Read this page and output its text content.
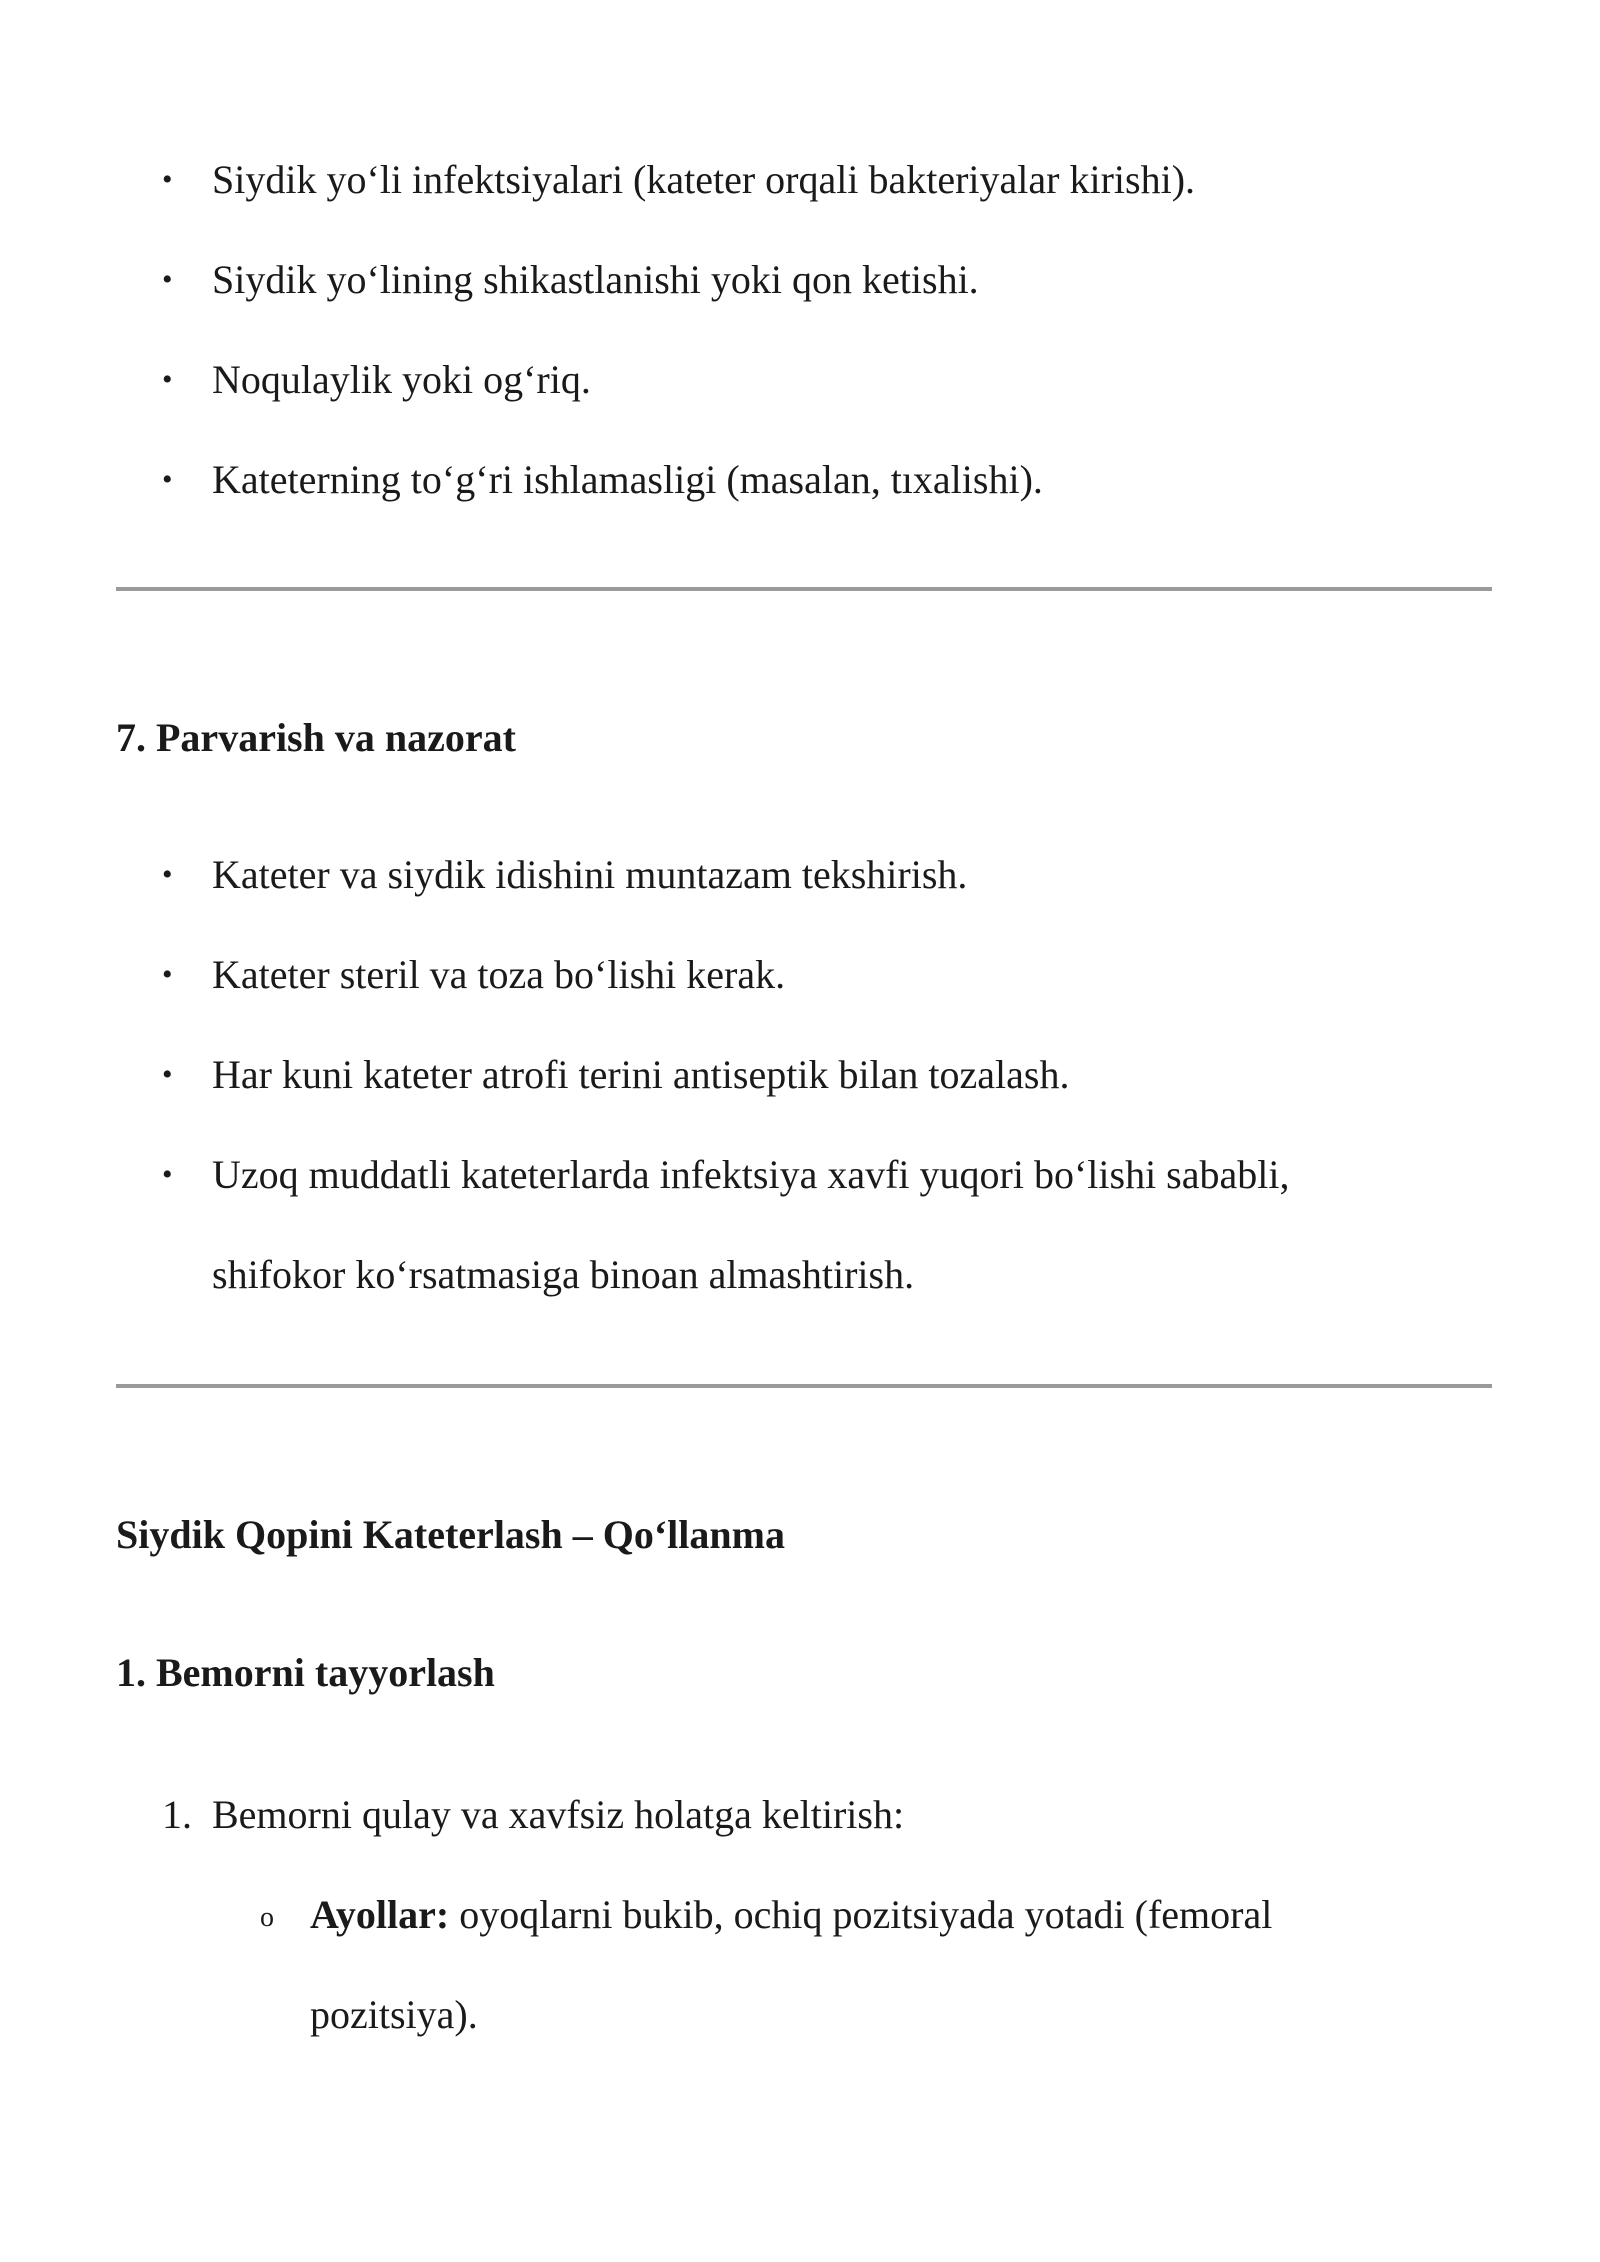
• Siydik yo‘li infektsiyalari (kateter orqali bakteriyalar kirishi).
• Siydik yo‘lining shikastlanishi yoki qon ketishi.
• Noqulaylik yoki og‘riq.
• Kateterning to‘g‘ri ishlamasligi (masalan, tıxalishi).
7. Parvarish va nazorat
• Kateter va siydik idishini muntazam tekshirish.
• Kateter steril va toza bo‘lishi kerak.
• Har kuni kateter atrofi terini antiseptik bilan tozalash.
• Uzoq muddatli kateterlarda infektsiya xavfi yuqori bo‘lishi sababli, shifokor ko‘rsatmasiga binoan almashtirish.
Siydik Qopini Kateterlash – Qo‘llanma
1. Bemorni tayyorlash
1. Bemorni qulay va xavfsiz holatga keltirish:
o Ayollar: oyoqlarni bukib, ochiq pozitsiyada yotadi (femoral pozitsiya).
